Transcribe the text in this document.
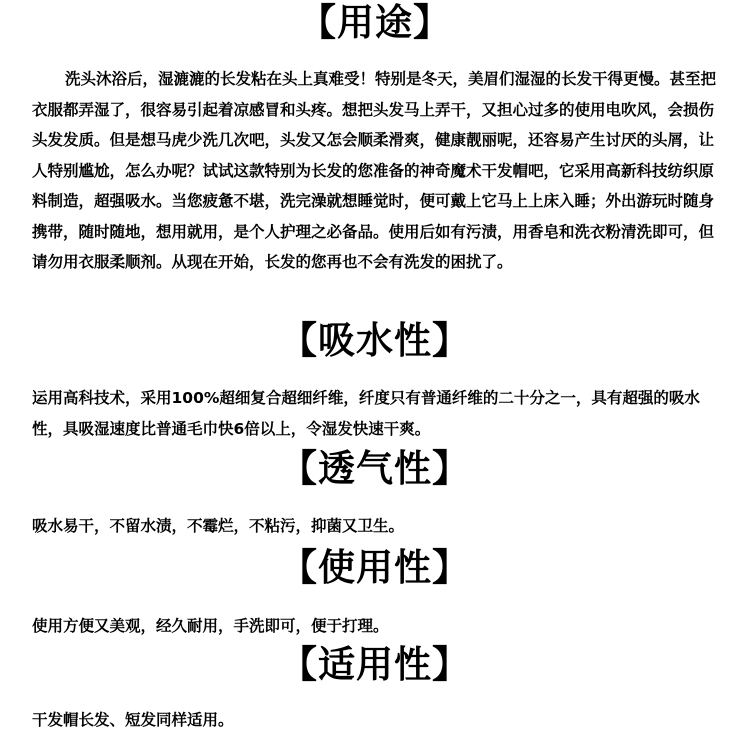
【用途】
洗头沐浴后，湿漉漉的长发粘在头上真难受！特别是冬天，美眉们湿湿的长发干得更慢。甚至把衣服都弄湿了，很容易引起着凉感冒和头疼。想把头发马上弄干，又担心过多的使用电吹风，会损伤头发发质。但是想马虎少洗几次吧，头发又怎会顺柔滑爽，健康靓丽呢，还容易产生讨厌的头屑，让人特别尴尬，怎么办呢？试试这款特别为长发的您准备的神奇魔术干发帽吧，它采用高新科技纺织原料制造，超强吸水。当您疲惫不堪，洗完澡就想睡觉时，便可戴上它马上上床入睡；外出游玩时随身携带，随时随地，想用就用，是个人护理之必备品。使用后如有污渍，用香皂和洗衣粉清洗即可，但请勿用衣服柔顺剂。从现在开始，长发的您再也不会有洗发的困扰了。
【吸水性】
运用高科技术，采用100%超细复合超细纤维，纤度只有普通纤维的二十分之一，具有超强的吸水性，具吸湿速度比普通毛巾快6倍以上，令湿发快速干爽。
【透气性】
吸水易干，不留水渍，不霉烂，不粘污，抑菌又卫生。
【使用性】
使用方便又美观，经久耐用，手洗即可，便于打理。
【适用性】
干发帽长发、短发同样适用。
